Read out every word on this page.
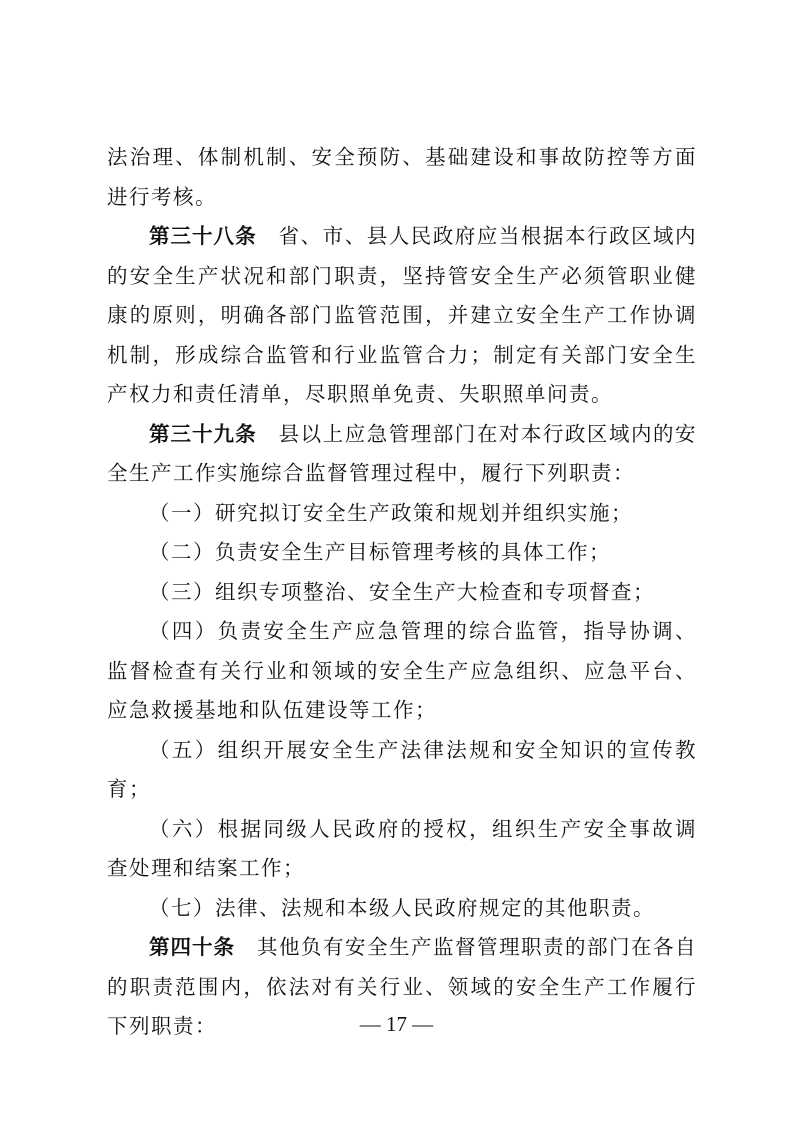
法治理、体制机制、安全预防、基础建设和事故防控等方面进行考核。

第三十八条　省、市、县人民政府应当根据本行政区域内的安全生产状况和部门职责，坚持管安全生产必须管职业健康的原则，明确各部门监管范围，并建立安全生产工作协调机制，形成综合监管和行业监管合力；制定有关部门安全生产权力和责任清单，尽职照单免责、失职照单问责。

第三十九条　县以上应急管理部门在对本行政区域内的安全生产工作实施综合监督管理过程中，履行下列职责：

（一）研究拟订安全生产政策和规划并组织实施；

（二）负责安全生产目标管理考核的具体工作；

（三）组织专项整治、安全生产大检查和专项督查；

（四）负责安全生产应急管理的综合监管，指导协调、监督检查有关行业和领域的安全生产应急组织、应急平台、应急救援基地和队伍建设等工作；

（五）组织开展安全生产法律法规和安全知识的宣传教育；

（六）根据同级人民政府的授权，组织生产安全事故调查处理和结案工作；

（七）法律、法规和本级人民政府规定的其他职责。

第四十条　其他负有安全生产监督管理职责的部门在各自的职责范围内，依法对有关行业、领域的安全生产工作履行下列职责：	— 17 —
